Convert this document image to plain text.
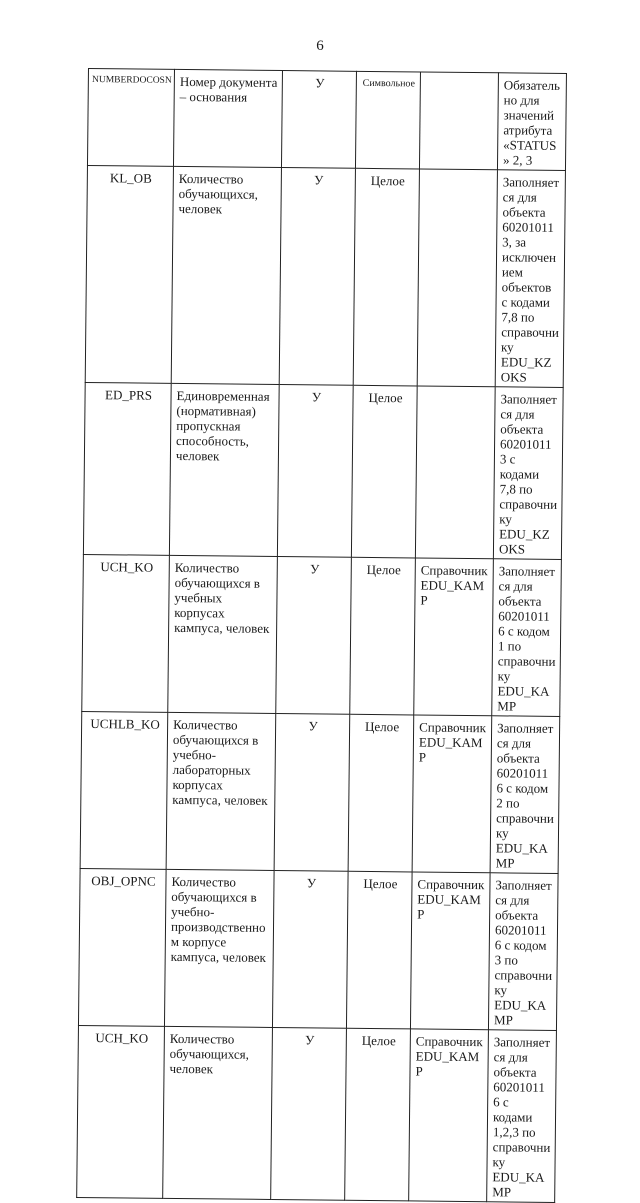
6
NUMBERDOCOSN	Номер документа – основания	У	Символьное		Обязательно для значений атрибута «STATUS» 2, 3
KL_OB	Количество обучающихся, человек	У	Целое		Заполняется для объекта 602010113, за исключением объектов с кодами 7,8 по справочнику EDU_KZOKS
ED_PRS	Единовременная (нормативная) пропускная способность, человек	У	Целое		Заполняется для объекта 602010113 с кодами 7,8 по справочнику EDU_KZOKS
UCH_KO	Количество обучающихся в учебных корпусах кампуса, человек	У	Целое	Справочник EDU_KAMP	Заполняется для объекта 602010116 с кодом 1 по справочнику EDU_KAMP
UCHLB_KO	Количество обучающихся в учебно-лабораторных корпусах кампуса, человек	У	Целое	Справочник EDU_KAMP	Заполняется для объекта 602010116 с кодом 2 по справочнику EDU_KAMP
OBJ_OPNC	Количество обучающихся в учебно-производственном корпусе кампуса, человек	У	Целое	Справочник EDU_KAMP	Заполняется для объекта 602010116 с кодом 3 по справочнику EDU_KAMP
UCH_KO	Количество обучающихся, человек	У	Целое	Справочник EDU_KAMP	Заполняется для объекта 602010116 с кодами 1,2,3 по справочнику EDU_KAMP
